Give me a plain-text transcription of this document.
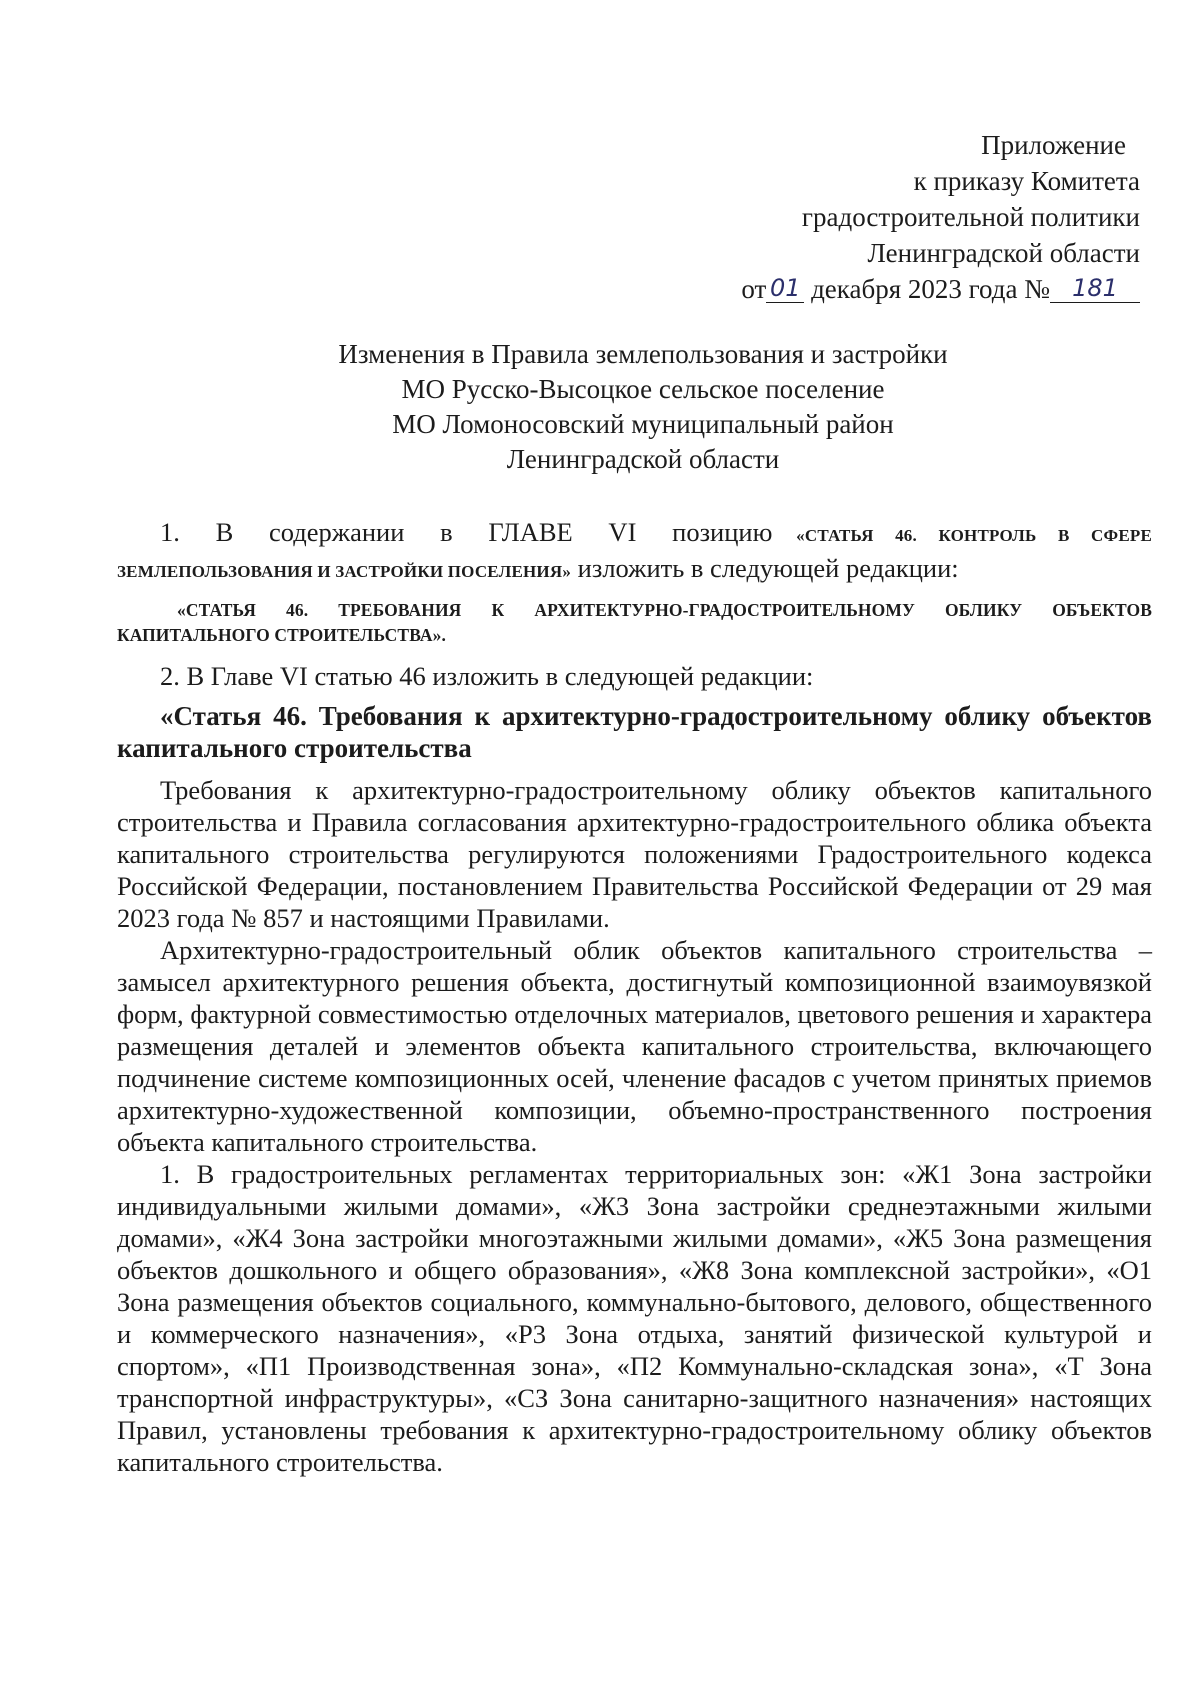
Приложение
к приказу Комитета
градостроительной политики
Ленинградской области
от 01 декабря 2023 года № 181
Изменения в Правила землепользования и застройки
МО Русско-Высоцкое сельское поселение
МО Ломоносовский муниципальный район
Ленинградской области

1. В содержании в ГЛАВЕ VI позицию «СТАТЬЯ 46. КОНТРОЛЬ В СФЕРЕ ЗЕМЛЕПОЛЬЗОВАНИЯ И ЗАСТРОЙКИ ПОСЕЛЕНИЯ» изложить в следующей редакции:

«СТАТЬЯ 46. ТРЕБОВАНИЯ К АРХИТЕКТУРНО-ГРАДОСТРОИТЕЛЬНОМУ ОБЛИКУ ОБЪЕКТОВ КАПИТАЛЬНОГО СТРОИТЕЛЬСТВА».

2. В Главе VI статью 46 изложить в следующей редакции:

«Статья 46. Требования к архитектурно-градостроительному облику объектов капитального строительства

Требования к архитектурно-градостроительному облику объектов капитального строительства и Правила согласования архитектурно-градостроительного облика объекта капитального строительства регулируются положениями Градостроительного кодекса Российской Федерации, постановлением Правительства Российской Федерации от 29 мая 2023 года № 857 и настоящими Правилами.

Архитектурно-градостроительный облик объектов капитального строительства – замысел архитектурного решения объекта, достигнутый композиционной взаимоувязкой форм, фактурной совместимостью отделочных материалов, цветового решения и характера размещения деталей и элементов объекта капитального строительства, включающего подчинение системе композиционных осей, членение фасадов с учетом принятых приемов архитектурно-художественной композиции, объемно-пространственного построения объекта капитального строительства.

1. В градостроительных регламентах территориальных зон: «Ж1 Зона застройки индивидуальными жилыми домами», «Ж3 Зона застройки среднеэтажными жилыми домами», «Ж4 Зона застройки многоэтажными жилыми домами», «Ж5 Зона размещения объектов дошкольного и общего образования», «Ж8 Зона комплексной застройки», «О1 Зона размещения объектов социального, коммунально-бытового, делового, общественного и коммерческого назначения», «Р3 Зона отдыха, занятий физической культурой и спортом», «П1 Производственная зона», «П2 Коммунально-складская зона», «Т Зона транспортной инфраструктуры», «СЗ Зона санитарно-защитного назначения» настоящих Правил, установлены требования к архитектурно-градостроительному облику объектов капитального строительства.
